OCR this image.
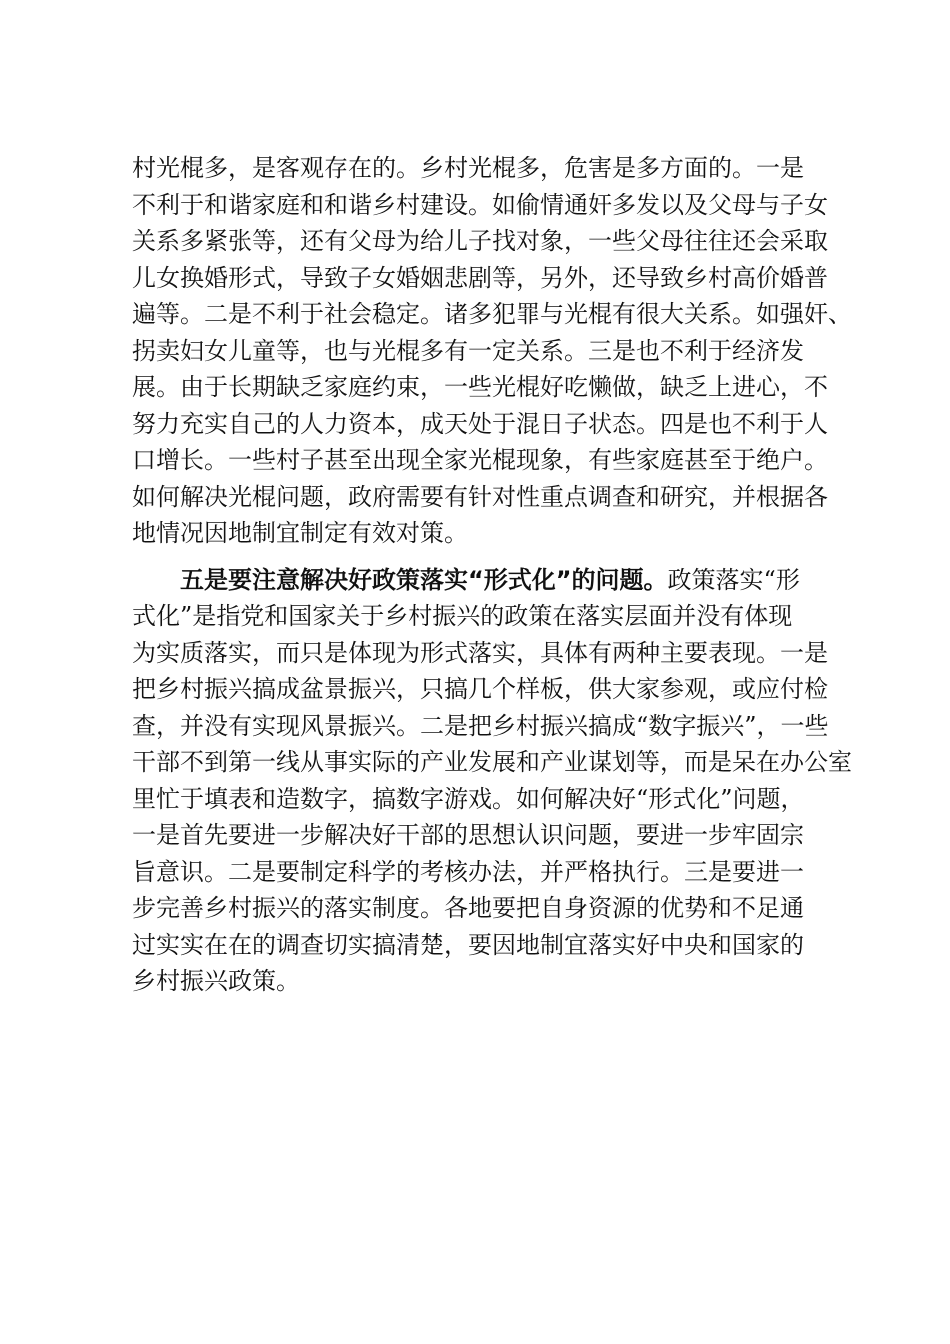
村光棍多，是客观存在的。乡村光棍多，危害是多方面的。一是
不利于和谐家庭和和谐乡村建设。如偷情通奸多发以及父母与子女
关系多紧张等，还有父母为给儿子找对象，一些父母往往还会采取
儿女换婚形式，导致子女婚姻悲剧等，另外，还导致乡村高价婚普
遍等。二是不利于社会稳定。诸多犯罪与光棍有很大关系。如强奸、
拐卖妇女儿童等，也与光棍多有一定关系。三是也不利于经济发
展。由于长期缺乏家庭约束，一些光棍好吃懒做，缺乏上进心，不
努力充实自己的人力资本，成天处于混日子状态。四是也不利于人
口增长。一些村子甚至出现全家光棍现象，有些家庭甚至于绝户。
如何解决光棍问题，政府需要有针对性重点调查和研究，并根据各
地情况因地制宜制定有效对策。
五是要注意解决好政策落实“形式化”的问题。政策落实“形
式化”是指党和国家关于乡村振兴的政策在落实层面并没有体现
为实质落实，而只是体现为形式落实，具体有两种主要表现。一是
把乡村振兴搞成盆景振兴，只搞几个样板，供大家参观，或应付检
查，并没有实现风景振兴。二是把乡村振兴搞成“数字振兴”，一些
干部不到第一线从事实际的产业发展和产业谋划等，而是呆在办公室
里忙于填表和造数字，搞数字游戏。如何解决好“形式化”问题，
一是首先要进一步解决好干部的思想认识问题，要进一步牢固宗
旨意识。二是要制定科学的考核办法，并严格执行。三是要进一
步完善乡村振兴的落实制度。各地要把自身资源的优势和不足通
过实实在在的调查切实搞清楚，要因地制宜落实好中央和国家的
乡村振兴政策。
